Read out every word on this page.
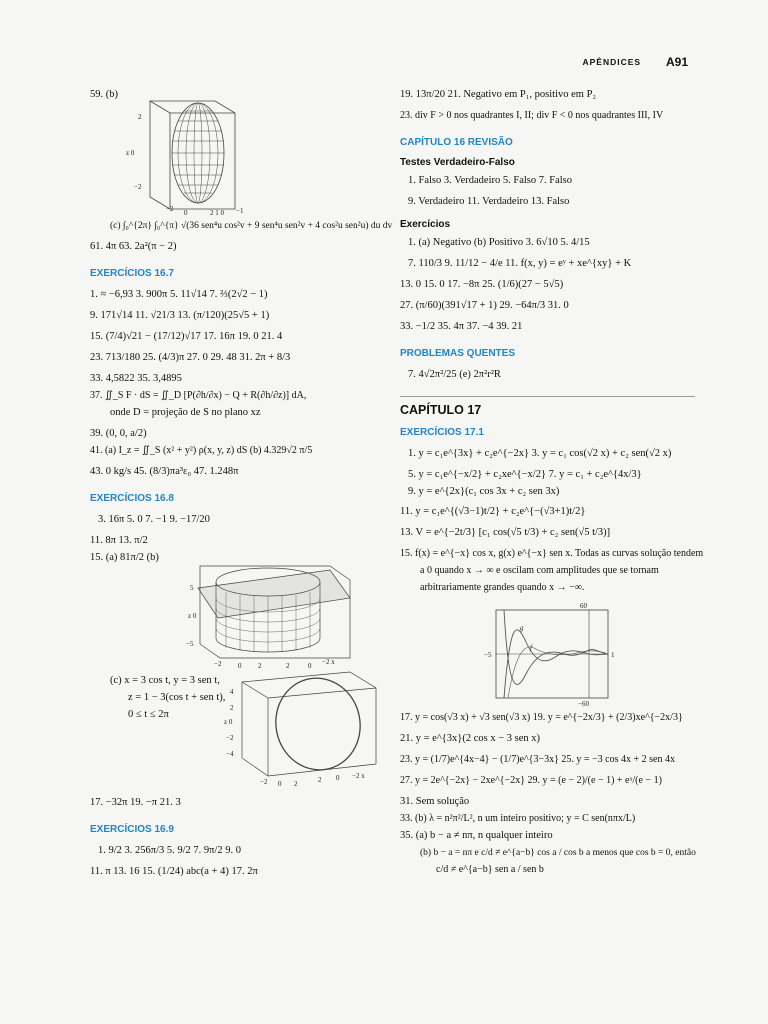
APÊNDICES A91
59. (b)
2
z 0
−2
−2 0	2 1 0 −1
(c) ∫₀^{2π} ∫₀^{π} √(36 sen⁴u cos²v + 9 sen⁴u sen²v + 4 cos²u sen²u) du dv
61. 4π 63. 2a²(π − 2)
EXERCÍCIOS 16.7
1. ≈ −6,93 3. 900π 5. 11√14 7. ⅔(2√2 − 1)
9. 171√14 11. √21/3 13. (π/120)(25√5 + 1)
15. (7/4)√21 − (17/12)√17 17. 16π 19. 0 21. 4
23. 713/180 25. (4/3)π 27. 0 29. 48 31. 2π + 8/3
33. 4,5822 35. 3,4895
37. ∬_S F · dS = ∬_D [P(∂h/∂x) − Q + R(∂h/∂z)] dA,
onde D = projeção de S no plano xz
39. (0, 0, a/2)
41. (a) I_z = ∬_S (x² + y²) ρ(x, y, z) dS (b) 4.329√2 π/5
43. 0 kg/s 45. (8/3)πa³ε₀ 47. 1.248π
EXERCÍCIOS 16.8
3. 16π 5. 0 7. −1 9. −17/20
11. 8π 13. π/2
15. (a) 81π/2 (b)
5
z 0
−5
−2 0 2	2	0 −2 x
(c) x = 3 cos t, y = 3 sen t,
z = 1 − 3(cos t + sen t),
0 ≤ t ≤ 2π
4
2
z 0
−2
−4
−2 0 2	2 0 −2 x
17. −32π 19. −π 21. 3
EXERCÍCIOS 16.9
1. 9/2 3. 256π/3 5. 9/2 7. 9π/2 9. 0
11. π 13. 16 15. (1/24) abc(a + 4) 17. 2π
19. 13π/20 21. Negativo em P₁, positivo em P₂
23. div F > 0 nos quadrantes I, II; div F < 0 nos quadrantes III, IV
CAPÍTULO 16 REVISÃO
Testes Verdadeiro-Falso
1. Falso 3. Verdadeiro 5. Falso 7. Falso
9. Verdadeiro 11. Verdadeiro 13. Falso
Exercícios
1. (a) Negativo (b) Positivo 3. 6√10 5. 4/15
7. 110/3 9. 11/12 − 4/e 11. f(x, y) = eʸ + xe^{xy} + K
13. 0 15. 0 17. −8π 25. (1/6)(27 − 5√5)
27. (π/60)(391√17 + 1) 29. −64π/3 31. 0
33. −1/2 35. 4π 37. −4 39. 21
PROBLEMAS QUENTES
7. 4√2π²/25 (e) 2π²r²R
CAPÍTULO 17
EXERCÍCIOS 17.1
1. y = c₁e^{3x} + c₂e^{−2x} 3. y = c₁ cos(√2 x) + c₂ sen(√2 x)
5. y = c₁e^{−x/2} + c₂xe^{−x/2} 7. y = c₁ + c₂e^{4x/3}
9. y = e^{2x}(c₁ cos 3x + c₂ sen 3x)
11. y = c₁e^{(√3−1)t/2} + c₂e^{−(√3+1)t/2}
13. V = e^{−2t/3} [c₁ cos(√5 t/3) + c₂ sen(√5 t/3)]
15. f(x) = e^{−x} cos x, g(x) e^{−x} sen x. Todas as curvas solução tendem
a 0 quando x → ∞ e oscilam com amplitudes que se tornam
arbitrariamente grandes quando x → −∞.
60
−60
−5	1
g
f
17. y = cos(√3 x) + √3 sen(√3 x) 19. y = e^{−2x/3} + (2/3)xe^{−2x/3}
21. y = e^{3x}(2 cos x − 3 sen x)
23. y = (1/7)e^{4x−4} − (1/7)e^{3−3x} 25. y = −3 cos 4x + 2 sen 4x
27. y = 2e^{−2x} − 2xe^{−2x} 29. y = (e − 2)/(e − 1) + eˣ/(e − 1)
31. Sem solução
33. (b) λ = n²π²/L², n um inteiro positivo; y = C sen(nπx/L)
35. (a) b − a ≠ nπ, n qualquer inteiro
(b) b − a = nπ e c/d ≠ e^{a−b} cos a / cos b a menos que cos b = 0, então
c/d ≠ e^{a−b} sen a / sen b
